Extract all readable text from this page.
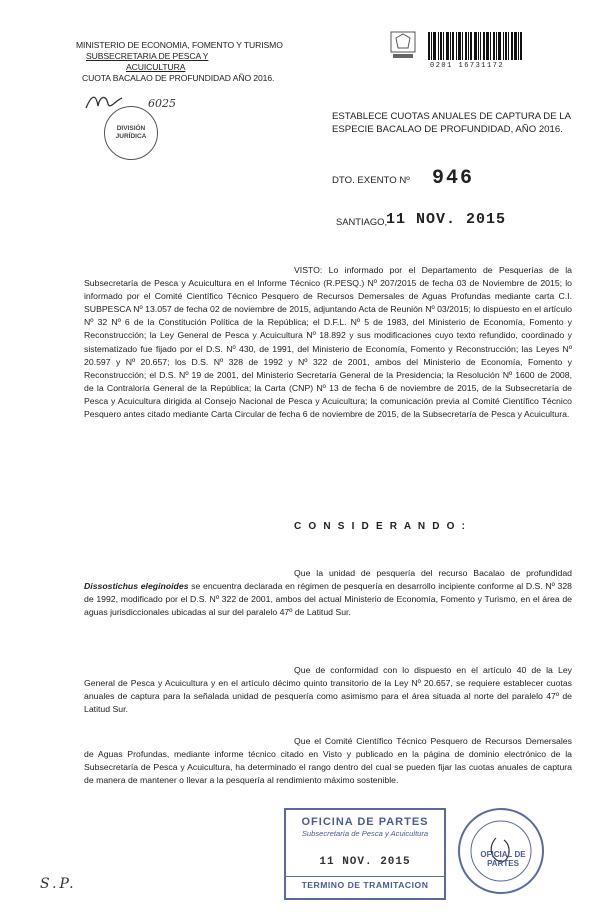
MINISTERIO DE ECONOMIA, FOMENTO Y TURISMO
SUBSECRETARIA DE PESCA Y
ACUICULTURA
CUOTA BACALAO DE PROFUNDIDAD AÑO 2016.
6025
DIVISIÓN JURÍDICA
0201 16731172
ESTABLECE CUOTAS ANUALES DE CAPTURA DE LA
ESPECIE BACALAO DE PROFUNDIDAD, AÑO 2016.
DTO. EXENTO Nº 946
SANTIAGO,
11 NOV. 2015
VISTO: Lo informado por el Departamento de Pesquerías de la Subsecretaría de Pesca y Acuicultura en el Informe Técnico (R.PESQ.) Nº 207/2015 de fecha 03 de Noviembre de 2015; lo informado por el Comité Científico Técnico Pesquero de Recursos Demersales de Aguas Profundas mediante carta C.I. SUBPESCA Nº 13.057 de fecha 02 de noviembre de 2015, adjuntando Acta de Reunión Nº 03/2015; lo dispuesto en el artículo Nº 32 Nº 6 de la Constitución Política de la República; el D.F.L. Nº 5 de 1983, del Ministerio de Economía, Fomento y Reconstrucción; la Ley General de Pesca y Acuicultura Nº 18.892 y sus modificaciones cuyo texto refundido, coordinado y sistematizado fue fijado por el D.S. Nº 430, de 1991, del Ministerio de Economía, Fomento y Reconstrucción; las Leyes Nº 20.597 y Nº 20.657; los D.S. Nº 328 de 1992 y Nº 322 de 2001, ambos del Ministerio de Economía, Fomento y Reconstrucción; el D.S. Nº 19 de 2001, del Ministerio Secretaría General de la Presidencia; la Resolución Nº 1600 de 2008, de la Contraloría General de la República; la Carta (CNP) Nº 13 de fecha 6 de noviembre de 2015, de la Subsecretaría de Pesca y Acuicultura dirigida al Consejo Nacional de Pesca y Acuicultura; la comunicación previa al Comité Científico Técnico Pesquero antes citado mediante Carta Circular de fecha 6 de noviembre de 2015, de la Subsecretaría de Pesca y Acuicultura.
C O N S I D E R A N D O :
Que la unidad de pesquería del recurso Bacalao de profundidad Dissostichus eleginoides se encuentra declarada en régimen de pesquería en desarrollo incipiente conforme al D.S. Nº 328 de 1992, modificado por el D.S. Nº 322 de 2001, ambos del actual Ministerio de Economía, Fomento y Turismo, en el área de aguas jurisdiccionales ubicadas al sur del paralelo 47º de Latitud Sur.
Que de conformidad con lo dispuesto en el artículo 40 de la Ley General de Pesca y Acuicultura y en el artículo décimo quinto transitorio de la Ley Nº 20.657, se requiere establecer cuotas anuales de captura para la señalada unidad de pesquería como asimismo para el área situada al norte del paralelo 47º de Latitud Sur.
Que el Comité Científico Técnico Pesquero de Recursos Demersales de Aguas Profundas, mediante informe técnico citado en Visto y publicado en la página de dominio electrónico de la Subsecretaría de Pesca y Acuicultura, ha determinado el rango dentro del cual se pueden fijar las cuotas anuales de captura de manera de mantener o llevar a la pesquería al rendimiento máximo sostenible.
OFICINA DE PARTES
Subsecretaría de Pesca y Acuicultura
11 NOV. 2015
TERMINO DE TRAMITACION
OFICIAL DE PARTES
S.P.
